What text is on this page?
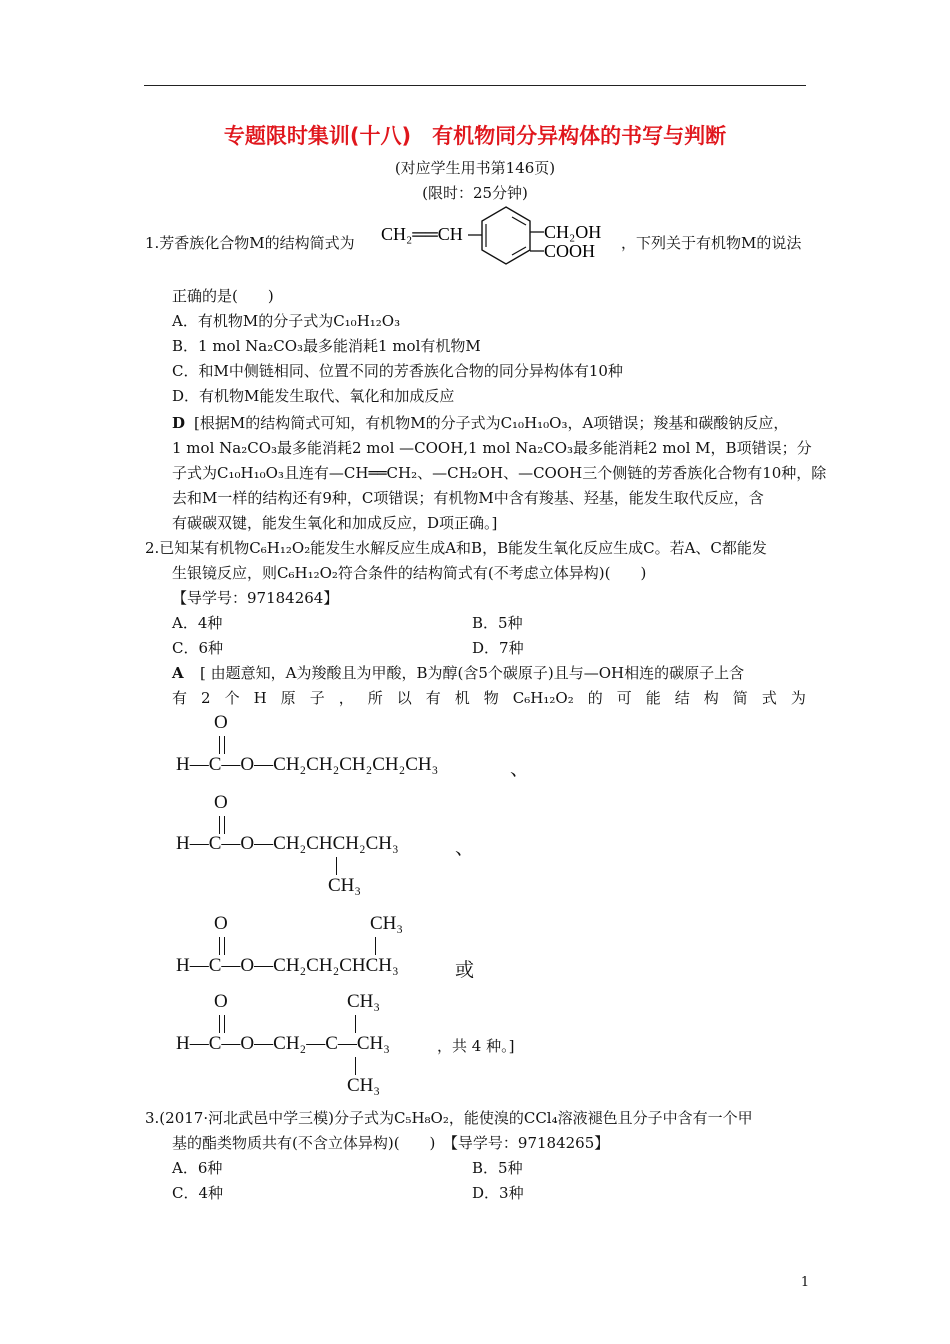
专题限时集训(十八)　有机物同分异构体的书写与判断
(对应学生用书第146页)
(限时：25分钟)
1.芳香族化合物M的结构简式为 CH₂══CH	CH₂OH
COOH ，下列关于有机物M的说法
正确的是(　　)
A．有机物M的分子式为C₁₀H₁₂O₃
B．1 mol Na₂CO₃最多能消耗1 mol有机物M
C．和M中侧链相同、位置不同的芳香族化合物的同分异构体有10种
D．有机物M能发生取代、氧化和加成反应
D [根据M的结构简式可知，有机物M的分子式为C₁₀H₁₀O₃，A项错误；羧基和碳酸钠反应，
1 mol Na₂CO₃最多能消耗2 mol —COOH,1 mol Na₂CO₃最多能消耗2 mol M，B项错误；分
子式为C₁₀H₁₀O₃且连有—CH══CH₂、—CH₂OH、—COOH三个侧链的芳香族化合物有10种，除
去和M一样的结构还有9种，C项错误；有机物M中含有羧基、羟基，能发生取代反应，含
有碳碳双键，能发生氧化和加成反应，D项正确。]
2.已知某有机物C₆H₁₂O₂能发生水解反应生成A和B，B能发生氧化反应生成C。若A、C都能发
生银镜反应，则C₆H₁₂O₂符合条件的结构简式有(不考虑立体异构)(　　)
【导学号：97184264】
A．4种	B．5种
C．6种	D．7种
A [ 由题意知，A为羧酸且为甲酸，B为醇(含5个碳原子)且与—OH相连的碳原子上含
有 2 个 H 原 子 ， 所 以 有 机 物 C₆H₁₂O₂ 的 可 能 结 构 简 式 为
O
H—C—O—CH₂CH₂CH₂CH₂CH₃	、
O
H—C—O—CH₂CHCH₂CH₃	、
CH₃
O	CH₃
H—C—O—CH₂CH₂CHCH₃	或
O	CH₃
H—C—O—CH₂—C—CH₃	，共 4 种。]
CH₃
3.(2017·河北武邑中学三模)分子式为C₅H₈O₂，能使溴的CCl₄溶液褪色且分子中含有一个甲
基的酯类物质共有(不含立体异构)(　　)　【导学号：97184265】
A．6种	B．5种
C．4种	D．3种
1
